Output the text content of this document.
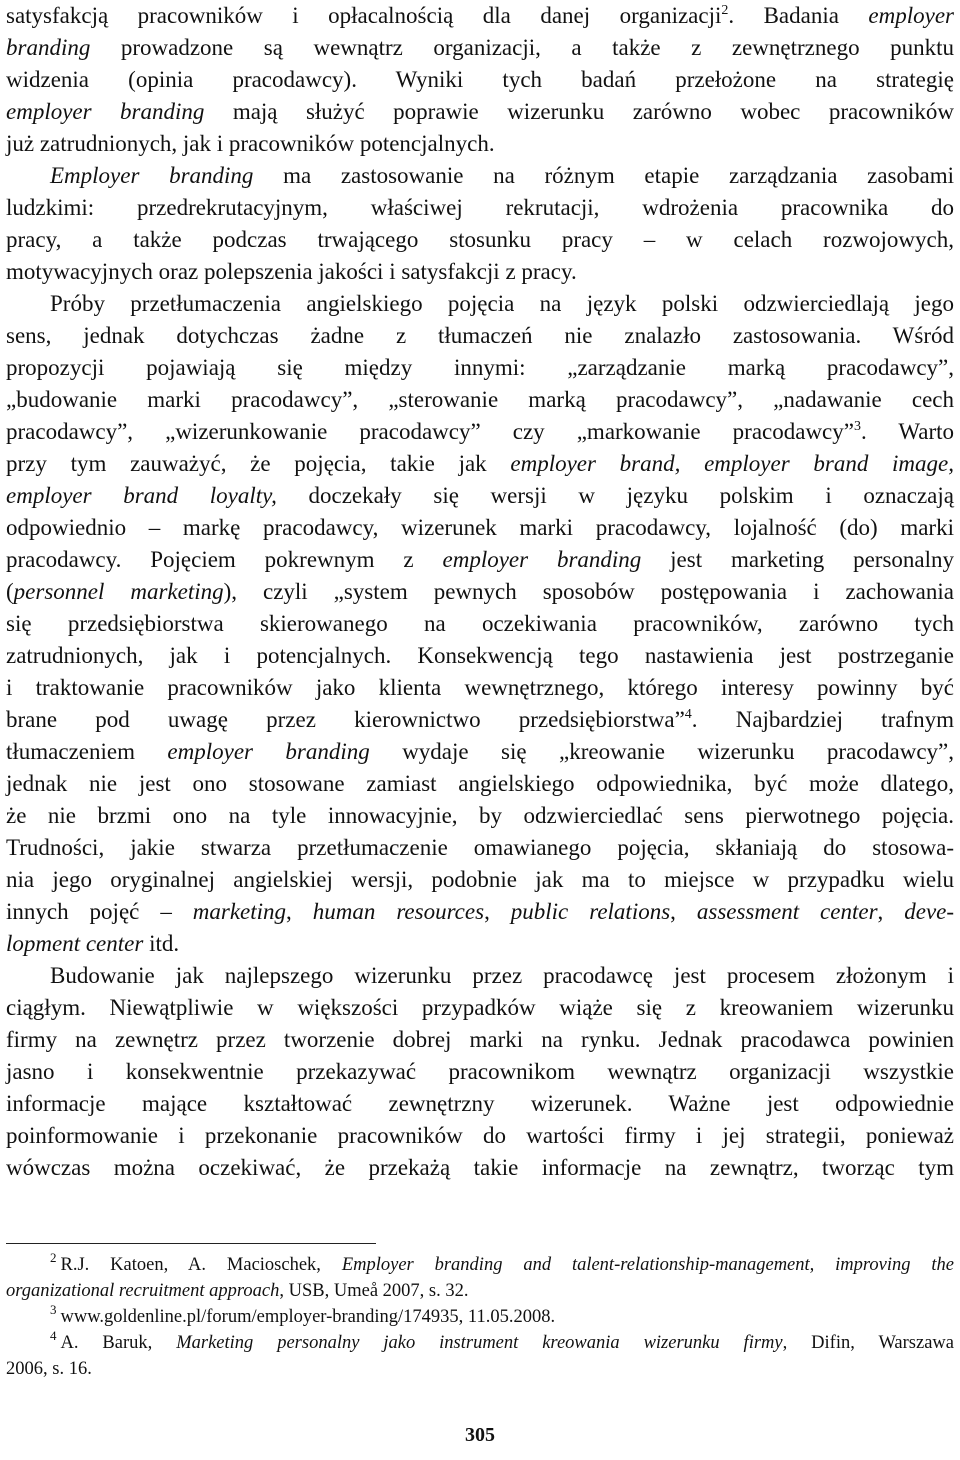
satysfakcją pracowników i opłacalnością dla danej organizacji$^2$. Badania employer
branding prowadzone są wewnątrz organizacji, a także z zewnętrznego punktu
widzenia (opinia pracodawcy). Wyniki tych badań przełożone na strategię
employer branding mają służyć poprawie wizerunku zarówno wobec pracowników
już zatrudnionych, jak i pracowników potencjalnych.
Employer branding ma zastosowanie na różnym etapie zarządzania zasobami
ludzkimi: przedrekrutacyjnym, właściwej rekrutacji, wdrożenia pracownika do
pracy, a także podczas trwającego stosunku pracy – w celach rozwojowych,
motywacyjnych oraz polepszenia jakości i satysfakcji z pracy.
Próby przetłumaczenia angielskiego pojęcia na język polski odzwierciedlają jego
sens, jednak dotychczas żadne z tłumaczeń nie znalazło zastosowania. Wśród
propozycji pojawiają się między innymi: „zarządzanie marką pracodawcy”,
„budowanie marki pracodawcy”, „sterowanie marką pracodawcy”, „nadawanie cech
pracodawcy”, „wizerunkowanie pracodawcy” czy „markowanie pracodawcy”$^3$. Warto
przy tym zauważyć, że pojęcia, takie jak employer brand, employer brand image,
employer brand loyalty, doczekały się wersji w języku polskim i oznaczają
odpowiednio – markę pracodawcy, wizerunek marki pracodawcy, lojalność (do) marki
pracodawcy. Pojęciem pokrewnym z employer branding jest marketing personalny
(personnel marketing), czyli „system pewnych sposobów postępowania i zachowania
się przedsiębiorstwa skierowanego na oczekiwania pracowników, zarówno tych
zatrudnionych, jak i potencjalnych. Konsekwencją tego nastawienia jest postrzeganie
i traktowanie pracowników jako klienta wewnętrznego, którego interesy powinny być
brane pod uwagę przez kierownictwo przedsiębiorstwa”$^4$. Najbardziej trafnym
tłumaczeniem employer branding wydaje się „kreowanie wizerunku pracodawcy”,
jednak nie jest ono stosowane zamiast angielskiego odpowiednika, być może dlatego,
że nie brzmi ono na tyle innowacyjnie, by odzwierciedlać sens pierwotnego pojęcia.
Trudności, jakie stwarza przetłumaczenie omawianego pojęcia, skłaniają do stosowa-
nia jego oryginalnej angielskiej wersji, podobnie jak ma to miejsce w przypadku wielu
innych pojęć – marketing, human resources, public relations, assessment center, deve-
lopment center itd.
Budowanie jak najlepszego wizerunku przez pracodawcę jest procesem złożonym i
ciągłym. Niewątpliwie w większości przypadków wiąże się z kreowaniem wizerunku
firmy na zewnętrz przez tworzenie dobrej marki na rynku. Jednak pracodawca powinien
jasno i konsekwentnie przekazywać pracownikom wewnątrz organizacji wszystkie
informacje mające kształtować zewnętrzny wizerunek. Ważne jest odpowiednie
poinformowanie i przekonanie pracowników do wartości firmy i jej strategii, ponieważ
wówczas można oczekiwać, że przekażą takie informacje na zewnątrz, tworząc tym
$^2$ R.J. Katoen, A. Macioschek, Employer branding and talent-relationship-management, improving the
organizational recruitment approach, USB, Umeå 2007, s. 32.
$^3$ www.goldenline.pl/forum/employer-branding/174935, 11.05.2008.
$^4$ A. Baruk, Marketing personalny jako instrument kreowania wizerunku firmy, Difin, Warszawa
2006, s. 16.
305
